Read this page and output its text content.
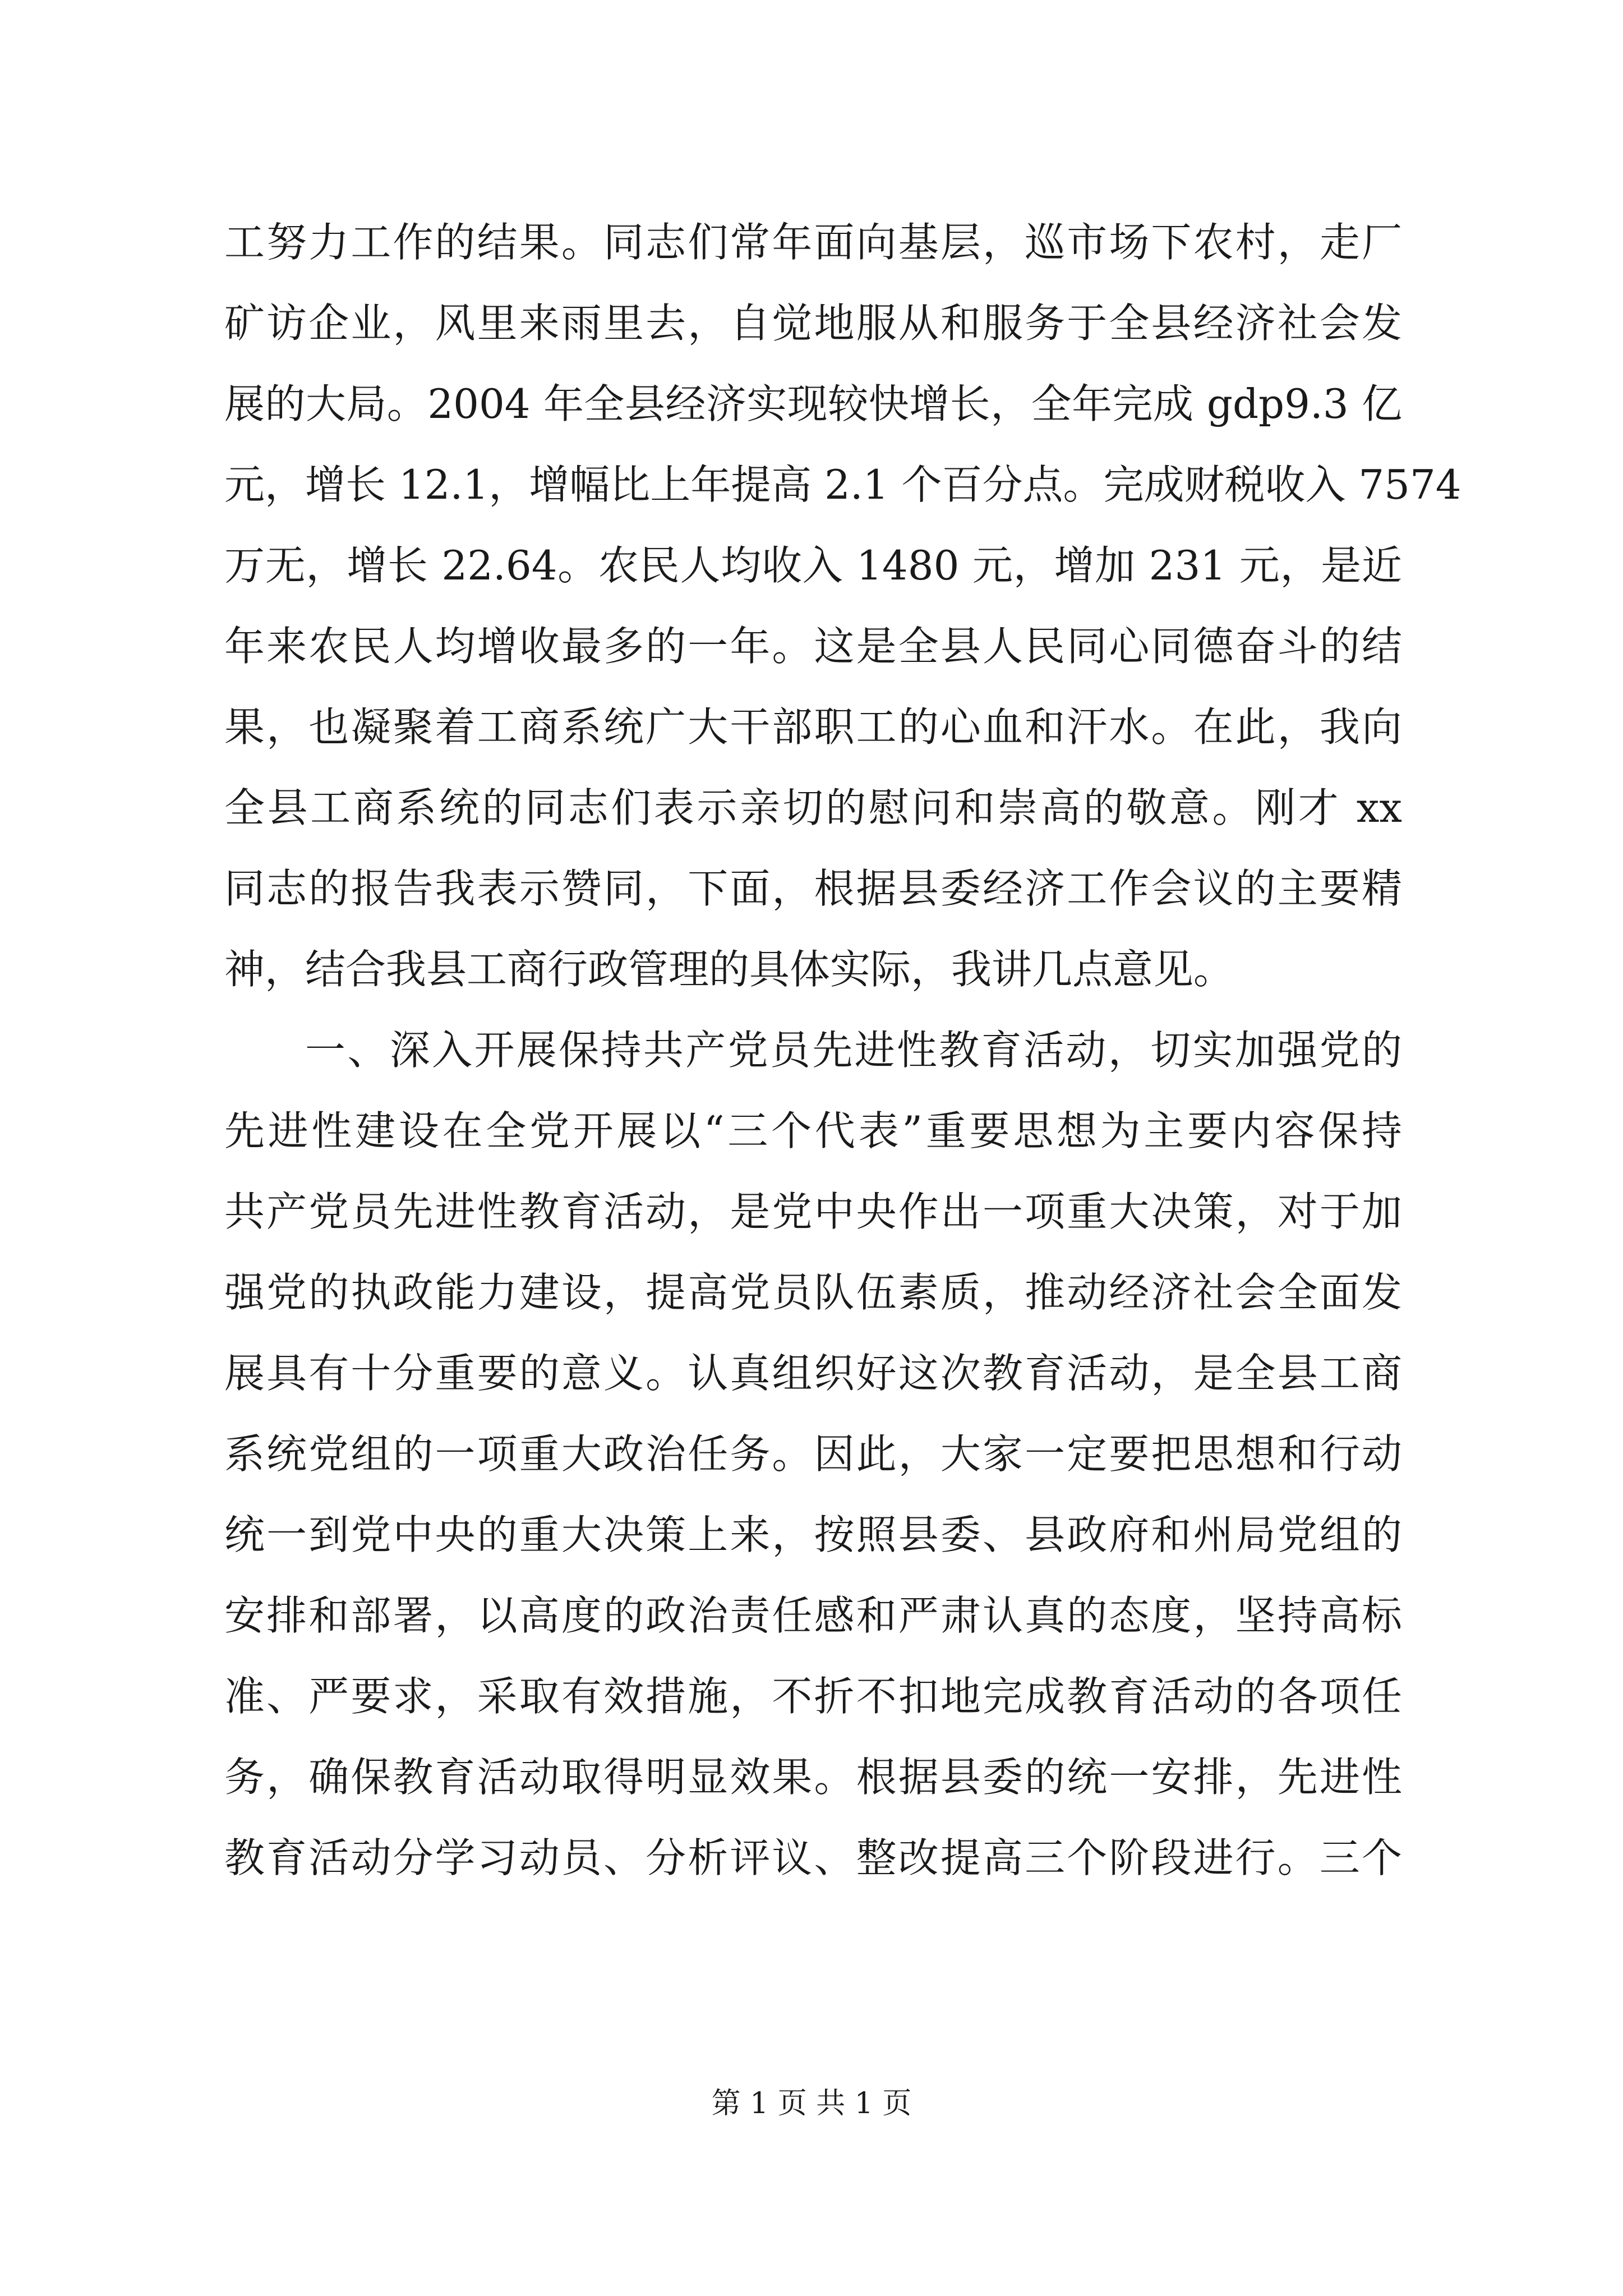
工努力工作的结果。同志们常年面向基层，巡市场下农村，走厂
矿访企业，风里来雨里去，自觉地服从和服务于全县经济社会发
展的大局。2004 年全县经济实现较快增长，全年完成 gdp9.3 亿
元，增长 12.1，增幅比上年提高 2.1 个百分点。完成财税收入 7574
万无，增长 22.64。农民人均收入 1480 元，增加 231 元，是近
年来农民人均增收最多的一年。这是全县人民同心同德奋斗的结
果，也凝聚着工商系统广大干部职工的心血和汗水。在此，我向
全县工商系统的同志们表示亲切的慰问和崇高的敬意。刚才 xx
同志的报告我表示赞同，下面，根据县委经济工作会议的主要精
神，结合我县工商行政管理的具体实际，我讲几点意见。
一、深入开展保持共产党员先进性教育活动，切实加强党的
先进性建设在全党开展以“三个代表”重要思想为主要内容保持
共产党员先进性教育活动，是党中央作出一项重大决策，对于加
强党的执政能力建设，提高党员队伍素质，推动经济社会全面发
展具有十分重要的意义。认真组织好这次教育活动，是全县工商
系统党组的一项重大政治任务。因此，大家一定要把思想和行动
统一到党中央的重大决策上来，按照县委、县政府和州局党组的
安排和部署，以高度的政治责任感和严肃认真的态度，坚持高标
准、严要求，采取有效措施，不折不扣地完成教育活动的各项任
务，确保教育活动取得明显效果。根据县委的统一安排，先进性
教育活动分学习动员、分析评议、整改提高三个阶段进行。三个
第 1 页 共 1 页
